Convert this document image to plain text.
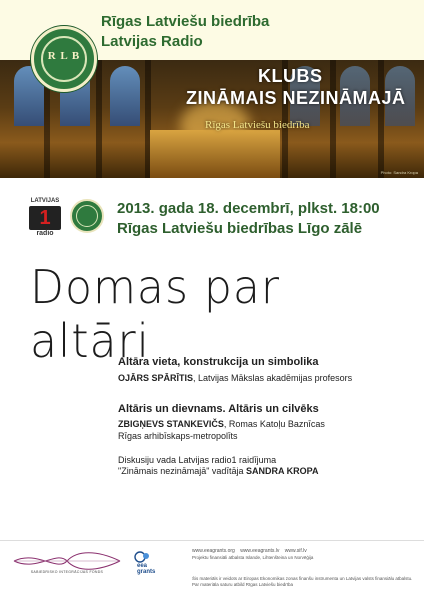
Rīgas Latviešu biedrība
Latvijas Radio
Photo: Sandra Kropa
KLUBS
ZINĀMAIS NEZINĀMAJĀ
Rīgas Latviešu biedrība
R L B
LATVIJAS
1
radio
2013. gada 18. decembrī, plkst. 18:00
Rīgas Latviešu biedrības Līgo zālē
Domas par altāri
Altāra vieta, konstrukcija un simbolika
OJĀRS SPĀRĪTIS, Latvijas Mākslas akadēmijas profesors
Altāris un dievnams. Altāris un cilvēks
ZBIGŅEVS STANKEVIČS, Romas Katoļu Baznīcas
Rīgas arhibīskaps-metropolīts
Diskusiju vada Latvijas radio1 raidījuma
"Zināmais nezināmajā" vadītāja SANDRA KROPA
SABIEDRISKO INTEGRĀCIJAS FONDS
eea
grants
www.eeagrants.org www.eeagrants.lv www.sif.lv
Projektu finansiāli atbalsta Islande, Lihtenšteina un Norvēģija
Šis materiāls ir veidots ar Eiropas Ekonomikas zonas finanšu instrumenta un Latvijas valsts finansiālu atbalstu. Par materiāla saturu atbild Rīgas Latviešu biedrība
